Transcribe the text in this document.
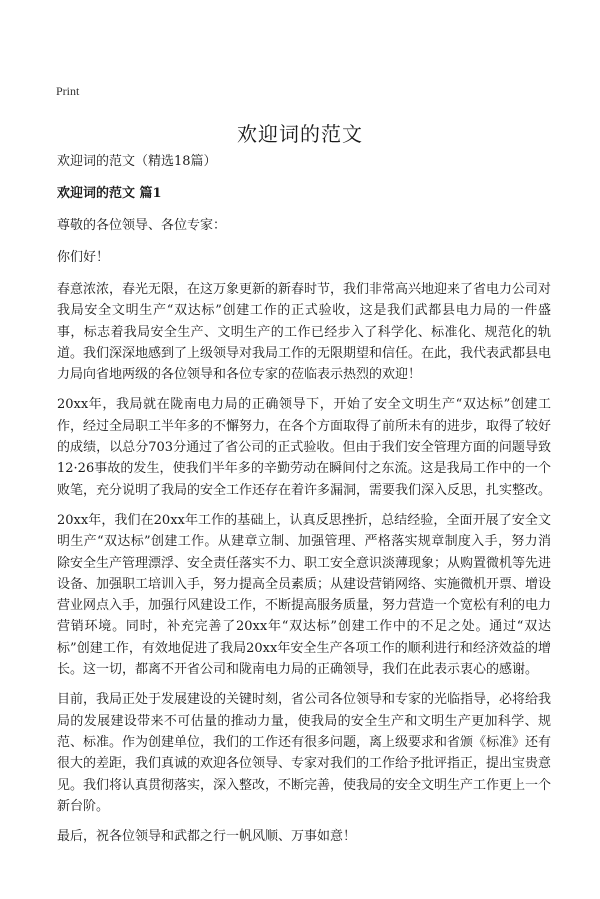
Print
欢迎词的范文

欢迎词的范文（精选18篇）

欢迎词的范文 篇1

尊敬的各位领导、各位专家：

你们好！

春意浓浓，春光无限，在这万象更新的新春时节，我们非常高兴地迎来了省电力公司对我局安全文明生产“双达标”创建工作的正式验收，这是我们武都县电力局的一件盛事，标志着我局安全生产、文明生产的工作已经步入了科学化、标准化、规范化的轨道。我们深深地感到了上级领导对我局工作的无限期望和信任。在此，我代表武都县电力局向省地两级的各位领导和各位专家的莅临表示热烈的欢迎！

20xx年，我局就在陇南电力局的正确领导下，开始了安全文明生产“双达标”创建工作，经过全局职工半年多的不懈努力，在各个方面取得了前所未有的进步，取得了较好的成绩，以总分703分通过了省公司的正式验收。但由于我们安全管理方面的问题导致12·26事故的发生，使我们半年多的辛勤劳动在瞬间付之东流。这是我局工作中的一个败笔，充分说明了我局的安全工作还存在着许多漏洞，需要我们深入反思，扎实整改。

20xx年，我们在20xx年工作的基础上，认真反思挫折，总结经验，全面开展了安全文明生产“双达标”创建工作。从建章立制、加强管理、严格落实规章制度入手，努力消除安全生产管理漂浮、安全责任落实不力、职工安全意识淡薄现象；从购置微机等先进设备、加强职工培训入手，努力提高全员素质；从建设营销网络、实施微机开票、增设营业网点入手，加强行风建设工作，不断提高服务质量，努力营造一个宽松有利的电力营销环境。同时，补充完善了20xx年“双达标”创建工作中的不足之处。通过“双达标”创建工作，有效地促进了我局20xx年安全生产各项工作的顺利进行和经济效益的增长。这一切，都离不开省公司和陇南电力局的正确领导，我们在此表示衷心的感谢。

目前，我局正处于发展建设的关键时刻，省公司各位领导和专家的光临指导，必将给我局的发展建设带来不可估量的推动力量，使我局的安全生产和文明生产更加科学、规范、标准。作为创建单位，我们的工作还有很多问题，离上级要求和省颁《标准》还有很大的差距，我们真诚的欢迎各位领导、专家对我们的工作给予批评指正，提出宝贵意见。我们将认真贯彻落实，深入整改，不断完善，使我局的安全文明生产工作更上一个新台阶。

最后，祝各位领导和武都之行一帆风顺、万事如意！
